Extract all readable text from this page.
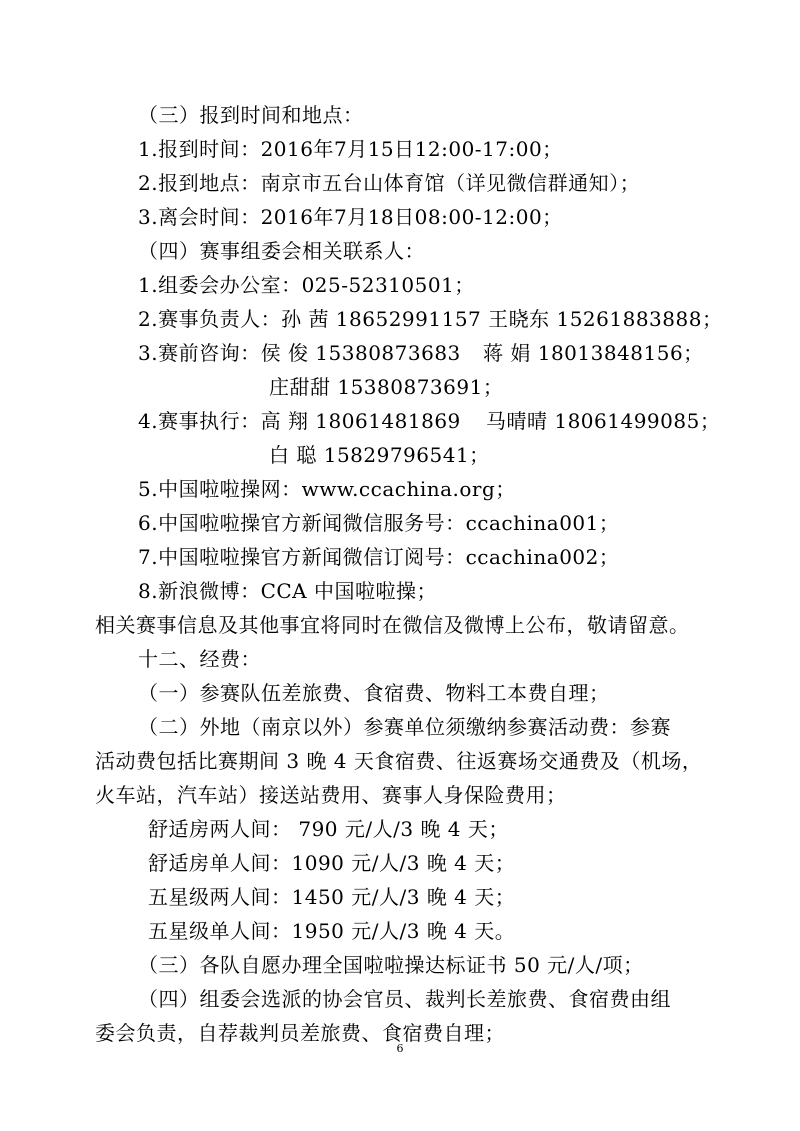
（三）报到时间和地点：
1.报到时间：2016年7月15日12:00-17:00；
2.报到地点：南京市五台山体育馆（详见微信群通知）；
3.离会时间：2016年7月18日08:00-12:00；
（四）赛事组委会相关联系人：
1.组委会办公室：025-52310501；
2.赛事负责人：孙 茜 18652991157 王晓东 15261883888；
3.赛前咨询：侯 俊 15380873683 蒋 娟 18013848156；
庄甜甜 15380873691；
4.赛事执行：高 翔 18061481869 马晴晴 18061499085；
白 聪 15829796541；
5.中国啦啦操网：www.ccachina.org；
6.中国啦啦操官方新闻微信服务号：ccachina001；
7.中国啦啦操官方新闻微信订阅号：ccachina002；
8.新浪微博：CCA 中国啦啦操；
相关赛事信息及其他事宜将同时在微信及微博上公布，敬请留意。
十二、经费：
（一）参赛队伍差旅费、食宿费、物料工本费自理；
（二）外地（南京以外）参赛单位须缴纳参赛活动费：参赛
活动费包括比赛期间 3 晚 4 天食宿费、往返赛场交通费及（机场，
火车站，汽车站）接送站费用、赛事人身保险费用；
舒适房两人间： 790 元/人/3 晚 4 天；
舒适房单人间：1090 元/人/3 晚 4 天；
五星级两人间：1450 元/人/3 晚 4 天；
五星级单人间：1950 元/人/3 晚 4 天。
（三）各队自愿办理全国啦啦操达标证书 50 元/人/项；
（四）组委会选派的协会官员、裁判长差旅费、食宿费由组
委会负责，自荐裁判员差旅费、食宿费自理；
6
